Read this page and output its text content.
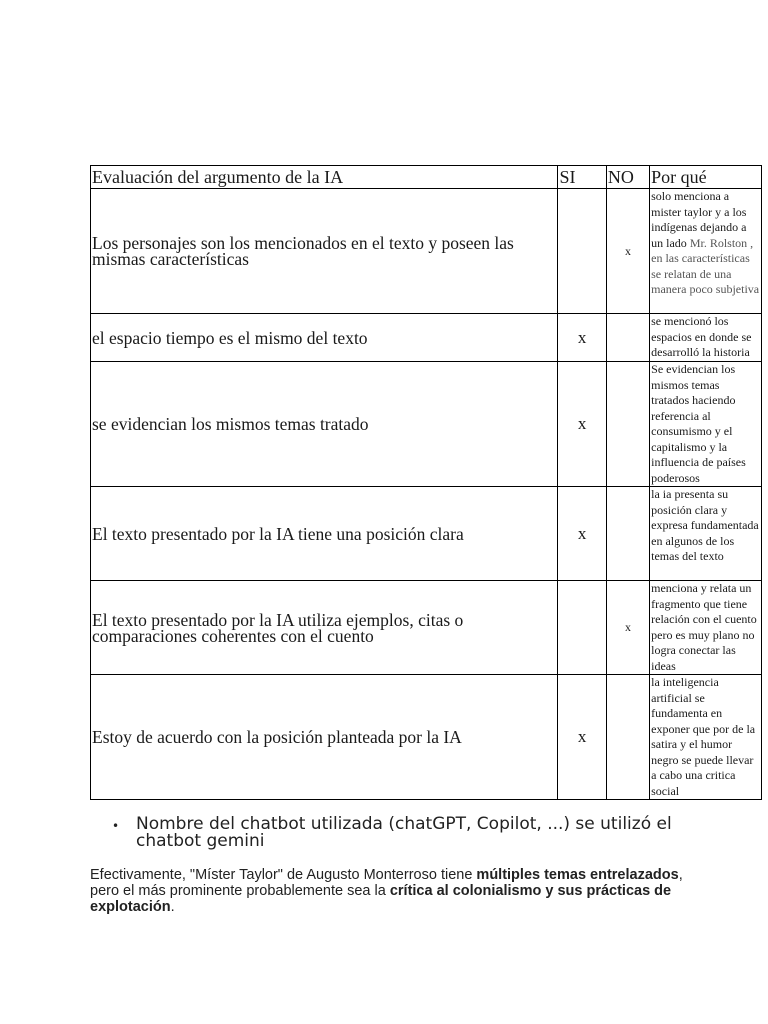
Evaluación del argumento de la IA	SI	NO	Por qué
Los personajes son los mencionados en el texto y poseen las mismas características		x	solo menciona a mister taylor y a los indígenas dejando a un lado Mr. Rolston , en las características se relatan de una manera poco subjetiva
el espacio tiempo es el mismo del texto	x		se mencionó los espacios en donde se desarrolló la historia
se evidencian los mismos temas tratado	x		Se evidencian los mismos temas tratados haciendo referencia al consumismo y el capitalismo y la influencia de países poderosos
El texto presentado por la IA tiene una posición clara	x		la ia presenta su posición clara y expresa fundamentada en algunos de los temas del texto
El texto presentado por la IA utiliza ejemplos, citas o comparaciones coherentes con el cuento		x	menciona y relata un fragmento que tiene relación con el cuento pero es muy plano no logra conectar las ideas
Estoy de acuerdo con la posición planteada por la IA	x		la inteligencia artificial se fundamenta en exponer que por de la satira y el humor negro se puede llevar a cabo una critica social
• Nombre del chatbot utilizada (chatGPT, Copilot, ...) se utilizó el chatbot gemini
Efectivamente, "Míster Taylor" de Augusto Monterroso tiene múltiples temas entrelazados, pero el más prominente probablemente sea la crítica al colonialismo y sus prácticas de explotación.
